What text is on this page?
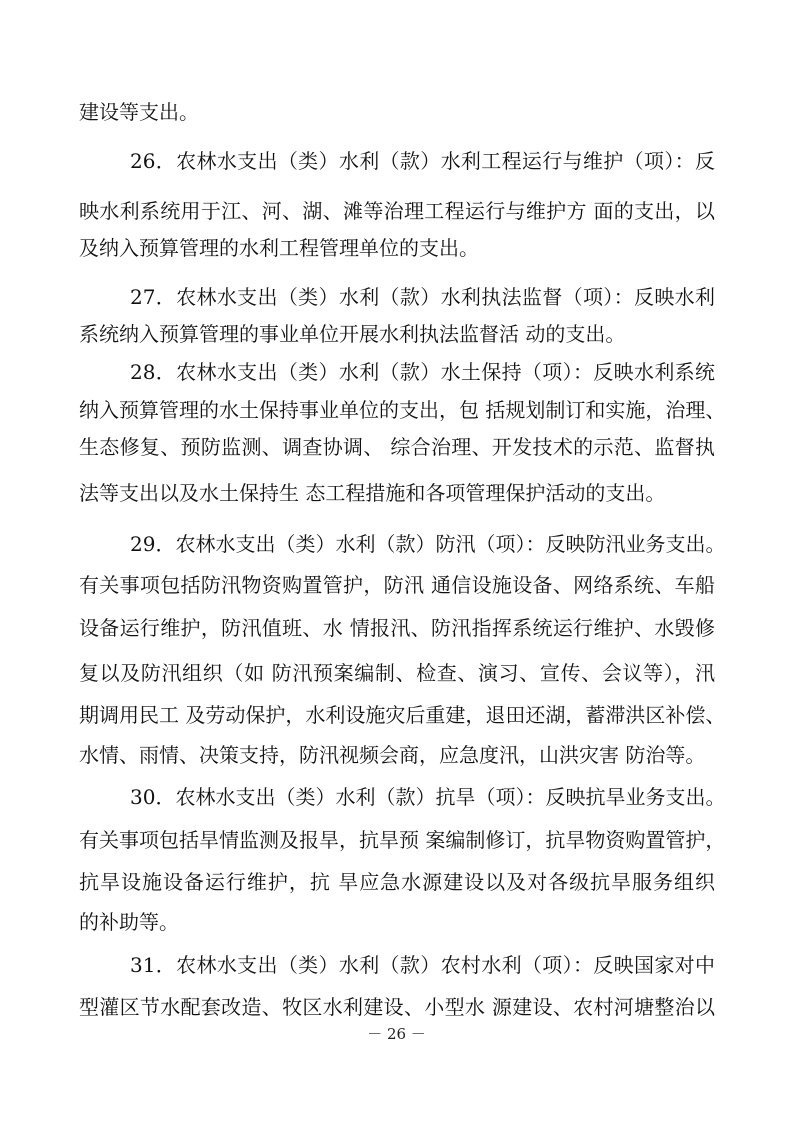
建设等支出。
26．农林水支出（类）水利（款）水利工程运行与维护（项）：反
映水利系统用于江、河、湖、滩等治理工程运行与维护方 面的支出，以
及纳入预算管理的水利工程管理单位的支出。
27．农林水支出（类）水利（款）水利执法监督（项）：反映水利
系统纳入预算管理的事业单位开展水利执法监督活 动的支出。
28．农林水支出（类）水利（款）水土保持（项）：反映水利系统
纳入预算管理的水土保持事业单位的支出，包 括规划制订和实施，治理、
生态修复、预防监测、调查协调、 综合治理、开发技术的示范、监督执
法等支出以及水土保持生 态工程措施和各项管理保护活动的支出。
29．农林水支出（类）水利（款）防汛（项）：反映防汛业务支出。
有关事项包括防汛物资购置管护，防汛 通信设施设备、网络系统、车船
设备运行维护，防汛值班、水 情报汛、防汛指挥系统运行维护、水毁修
复以及防汛组织（如 防汛预案编制、检查、演习、宣传、会议等），汛
期调用民工 及劳动保护，水利设施灾后重建，退田还湖，蓄滞洪区补偿、
水情、雨情、决策支持，防汛视频会商，应急度汛，山洪灾害 防治等。
30．农林水支出（类）水利（款）抗旱（项）：反映抗旱业务支出。
有关事项包括旱情监测及报旱，抗旱预 案编制修订，抗旱物资购置管护，
抗旱设施设备运行维护，抗 旱应急水源建设以及对各级抗旱服务组织
的补助等。
31．农林水支出（类）水利（款）农村水利（项）：反映国家对中
型灌区节水配套改造、牧区水利建设、小型水 源建设、农村河塘整治以
－ 26 －
